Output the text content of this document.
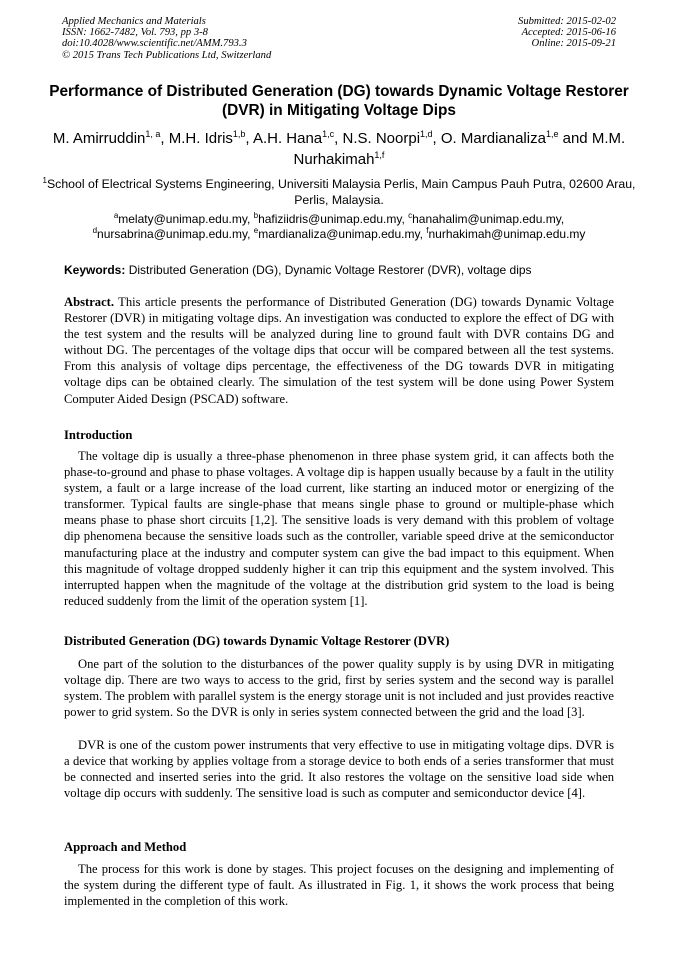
Applied Mechanics and Materials
ISSN: 1662-7482, Vol. 793, pp 3-8
doi:10.4028/www.scientific.net/AMM.793.3
© 2015 Trans Tech Publications Ltd, Switzerland
Submitted: 2015-02-02
Accepted: 2015-06-16
Online: 2015-09-21
Performance of Distributed Generation (DG) towards Dynamic Voltage Restorer (DVR) in Mitigating Voltage Dips
M. Amirruddin$^{1, a}$, M.H. Idris$^{1,b}$, A.H. Hana$^{1,c}$, N.S. Noorpi$^{1,d}$, O. Mardianaliza$^{1,e}$ and M.M. Nurhakimah$^{1,f}$
$^1$School of Electrical Systems Engineering, Universiti Malaysia Perlis, Main Campus Pauh Putra, 02600 Arau, Perlis, Malaysia.
$^a$melaty@unimap.edu.my, $^b$hafiziidris@unimap.edu.my, $^c$hanahalim@unimap.edu.my,
$^d$nursabrina@unimap.edu.my, $^e$mardianaliza@unimap.edu.my, $^f$nurhakimah@unimap.edu.my
Keywords: Distributed Generation (DG), Dynamic Voltage Restorer (DVR), voltage dips

Abstract. This article presents the performance of Distributed Generation (DG) towards Dynamic Voltage Restorer (DVR) in mitigating voltage dips. An investigation was conducted to explore the effect of DG with the test system and the results will be analyzed during line to ground fault with DVR contains DG and without DG. The percentages of the voltage dips that occur will be compared between all the test systems. From this analysis of voltage dips percentage, the effectiveness of the DG towards DVR in mitigating voltage dips can be obtained clearly. The simulation of the test system will be done using Power System Computer Aided Design (PSCAD) software.

Introduction

The voltage dip is usually a three-phase phenomenon in three phase system grid, it can affects both the phase-to-ground and phase to phase voltages. A voltage dip is happen usually because by a fault in the utility system, a fault or a large increase of the load current, like starting an induced motor or energizing of the transformer. Typical faults are single-phase that means single phase to ground or multiple-phase which means phase to phase short circuits [1,2]. The sensitive loads is very demand with this problem of voltage dip phenomena because the sensitive loads such as the controller, variable speed drive at the semiconductor manufacturing place at the industry and computer system can give the bad impact to this equipment. When this magnitude of voltage dropped suddenly higher it can trip this equipment and the system involved. This interrupted happen when the magnitude of the voltage at the distribution grid system to the load is being reduced suddenly from the limit of the operation system [1].

Distributed Generation (DG) towards Dynamic Voltage Restorer (DVR)

One part of the solution to the disturbances of the power quality supply is by using DVR in mitigating voltage dip. There are two ways to access to the grid, first by series system and the second way is parallel system. The problem with parallel system is the energy storage unit is not included and just provides reactive power to grid system. So the DVR is only in series system connected between the grid and the load [3].

DVR is one of the custom power instruments that very effective to use in mitigating voltage dips. DVR is a device that working by applies voltage from a storage device to both ends of a series transformer that must be connected and inserted series into the grid. It also restores the voltage on the sensitive load side when voltage dip occurs with suddenly. The sensitive load is such as computer and semiconductor device [4].

Approach and Method

The process for this work is done by stages. This project focuses on the designing and implementing of the system during the different type of fault. As illustrated in Fig. 1, it shows the work process that being implemented in the completion of this work.
